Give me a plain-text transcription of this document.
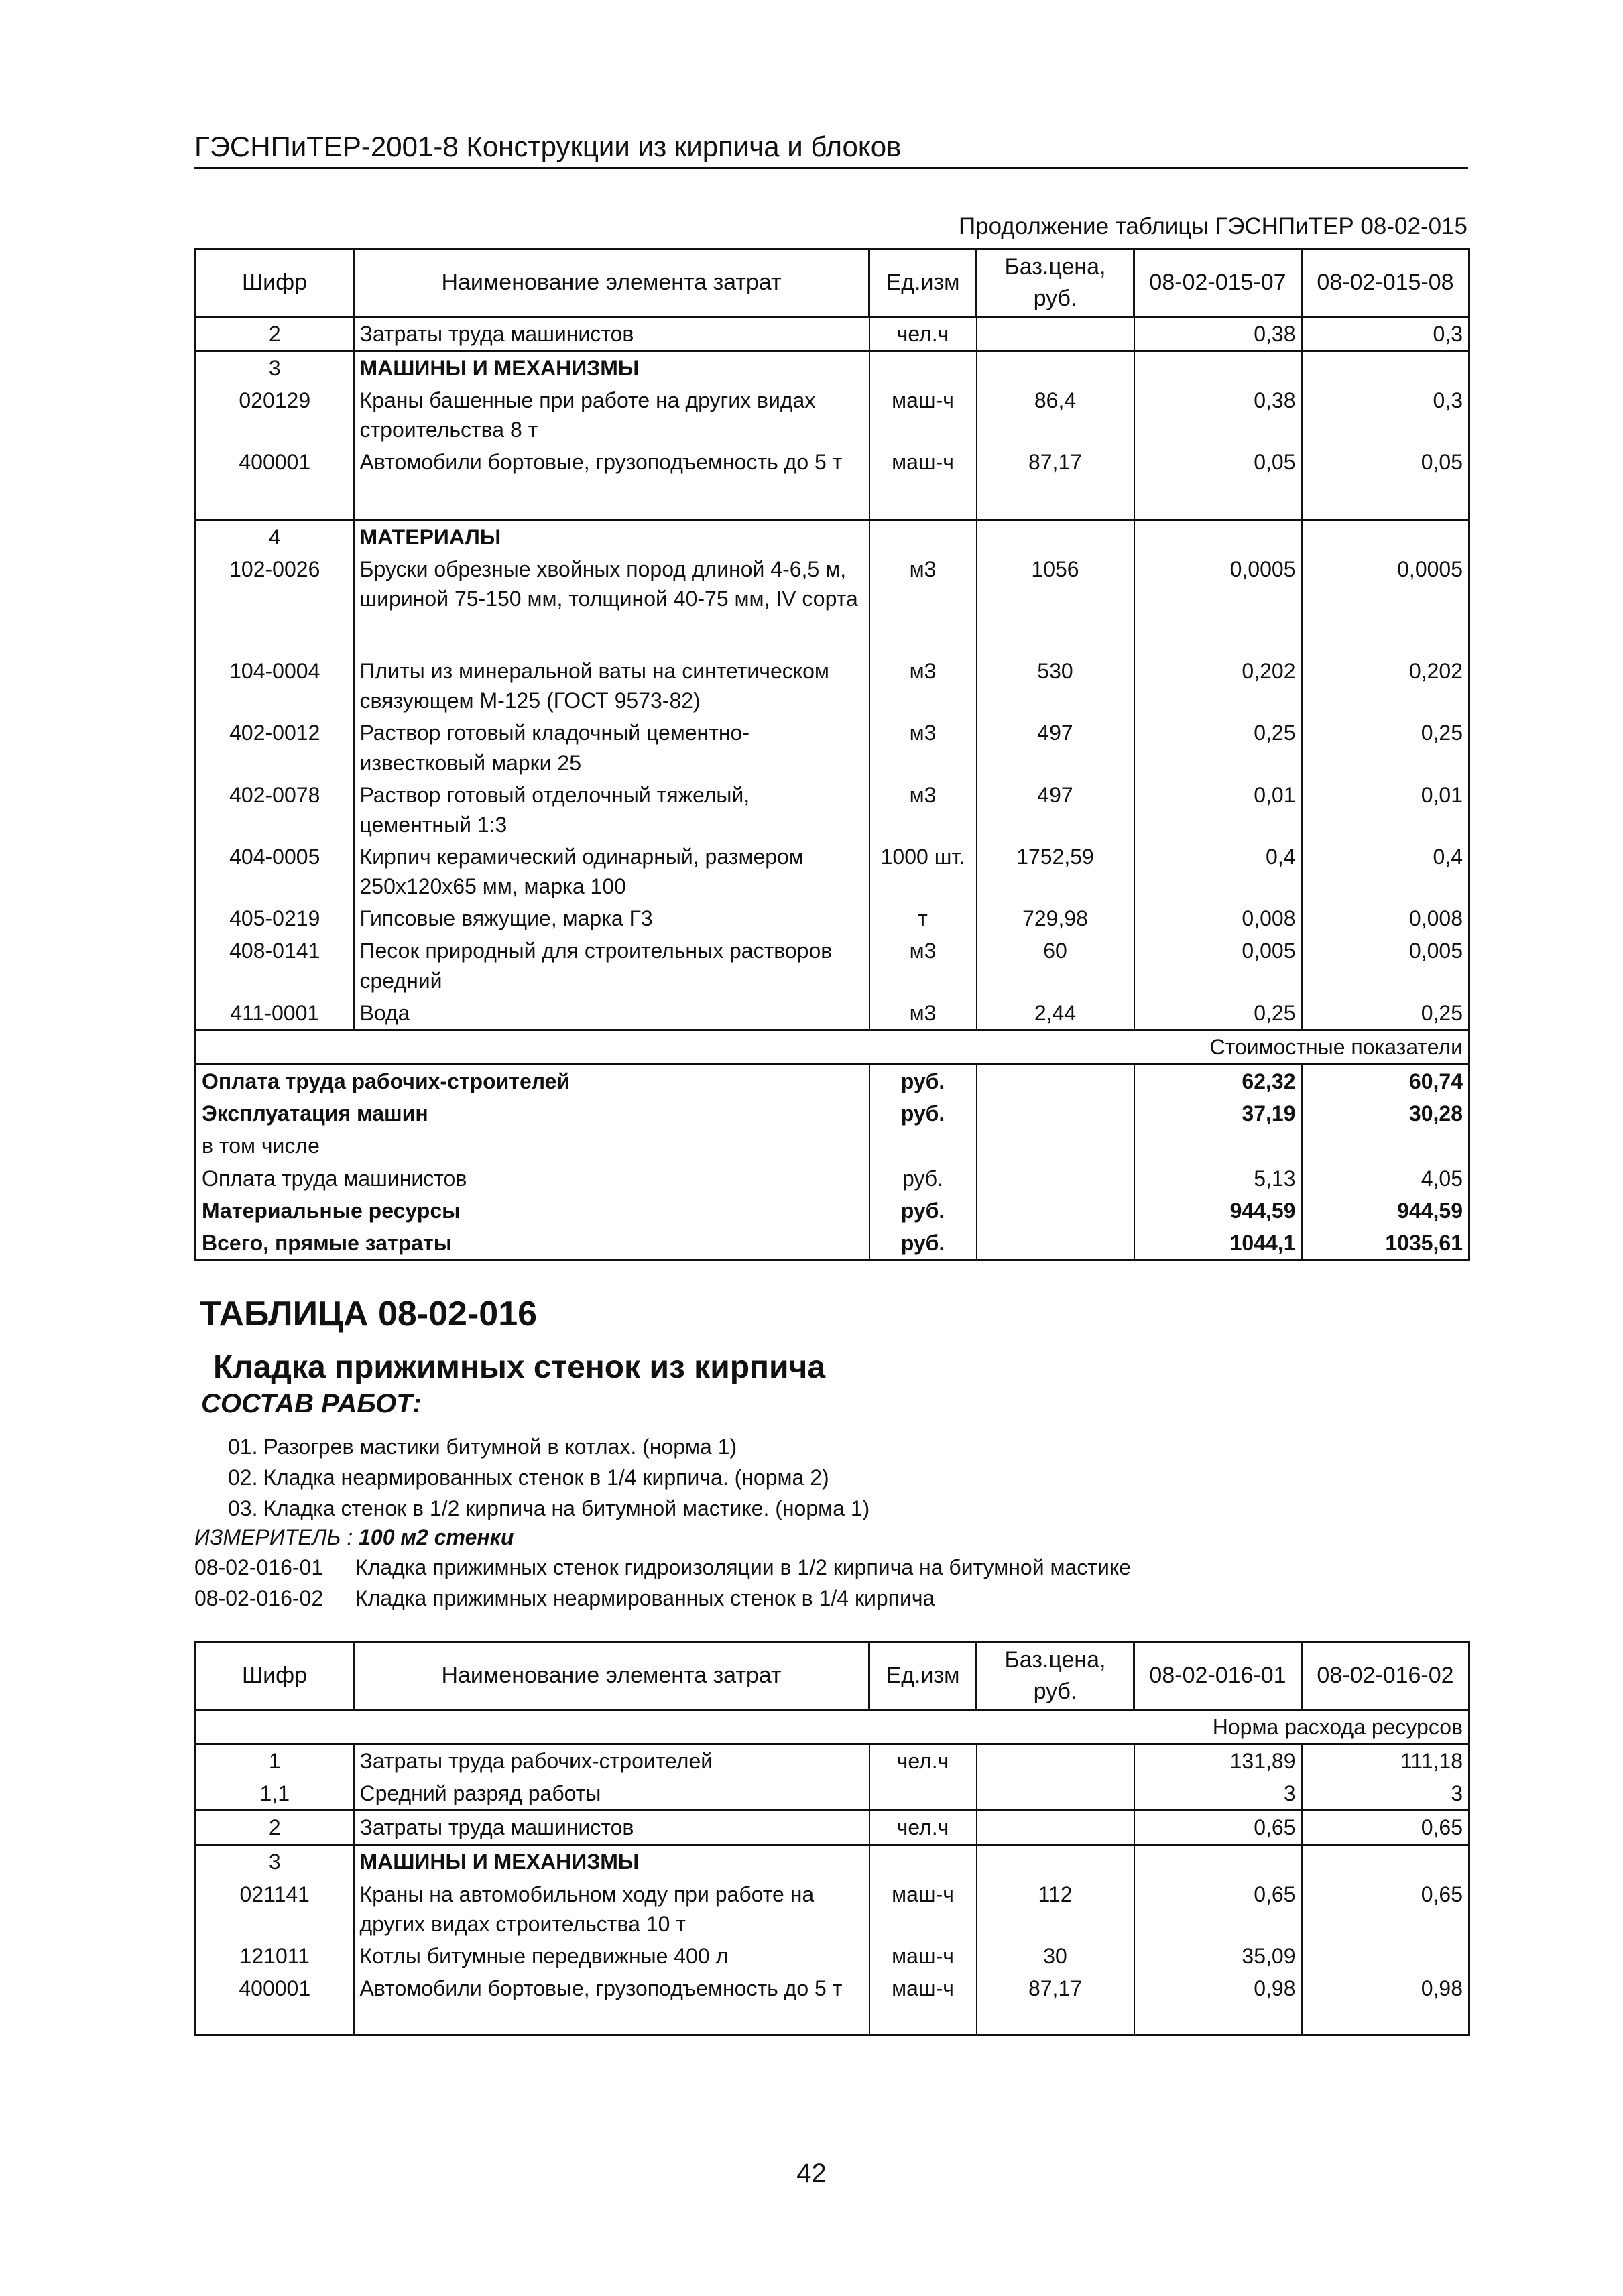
ГЭСНПиТЕР-2001-8 Конструкции из кирпича и блоков
Продолжение таблицы ГЭСНПиТЕР 08-02-015
Шифр	Наименование элемента затрат	Ед.изм	Баз.цена, руб.	08-02-015-07	08-02-015-08
2	Затраты труда машинистов	чел.ч		0,38	0,3
3	МАШИНЫ И МЕХАНИЗМЫ				
020129	Краны башенные при работе на других видах строительства 8 т	маш-ч	86,4	0,38	0,3
400001	Автомобили бортовые, грузоподъемность до 5 т	маш-ч	87,17	0,05	0,05

4	МАТЕРИАЛЫ				
102-0026	Бруски обрезные хвойных пород длиной 4-6,5 м, шириной 75-150 мм, толщиной 40-75 мм, IV сорта	м3	1056	0,0005	0,0005

104-0004	Плиты из минеральной ваты на синтетическом связующем М-125 (ГОСТ 9573-82)	м3	530	0,202	0,202
402-0012	Раствор готовый кладочный цементно-известковый марки 25	м3	497	0,25	0,25
402-0078	Раствор готовый отделочный тяжелый, цементный 1:3	м3	497	0,01	0,01
404-0005	Кирпич керамический одинарный, размером 250x120x65 мм, марка 100	1000 шт.	1752,59	0,4	0,4
405-0219	Гипсовые вяжущие, марка Г3	т	729,98	0,008	0,008
408-0141	Песок природный для строительных растворов средний	м3	60	0,005	0,005
411-0001	Вода	м3	2,44	0,25	0,25
				Стоимостные показатели	
Оплата труда рабочих-строителей		руб.		62,32	60,74
Эксплуатация машин		руб.		37,19	30,28
в том числе					
Оплата труда машинистов		руб.		5,13	4,05
Материальные ресурсы		руб.		944,59	944,59
Всего, прямые затраты		руб.		1044,1	1035,61
ТАБЛИЦА 08-02-016
Кладка прижимных стенок из кирпича
СОСТАВ РАБОТ:
01. Разогрев мастики битумной в котлах. (норма 1)
02. Кладка неармированных стенок в 1/4 кирпича. (норма 2)
03. Кладка стенок в 1/2 кирпича на битумной мастике. (норма 1)
ИЗМЕРИТЕЛЬ : 100 м2 стенки
08-02-016-01 Кладка прижимных стенок гидроизоляции в 1/2 кирпича на битумной мастике
08-02-016-02 Кладка прижимных неармированных стенок в 1/4 кирпича
Шифр	Наименование элемента затрат	Ед.изм	Баз.цена, руб.	08-02-016-01	08-02-016-02
				Норма расхода ресурсов	
1	Затраты труда рабочих-строителей	чел.ч		131,89	111,18
1,1	Средний разряд работы			3	3
2	Затраты труда машинистов	чел.ч		0,65	0,65
3	МАШИНЫ И МЕХАНИЗМЫ				
021141	Краны на автомобильном ходу при работе на других видах строительства 10 т	маш-ч	112	0,65	0,65
121011	Котлы битумные передвижные 400 л	маш-ч	30	35,09	
400001	Автомобили бортовые, грузоподъемность до 5 т	маш-ч	87,17	0,98	0,98

42
